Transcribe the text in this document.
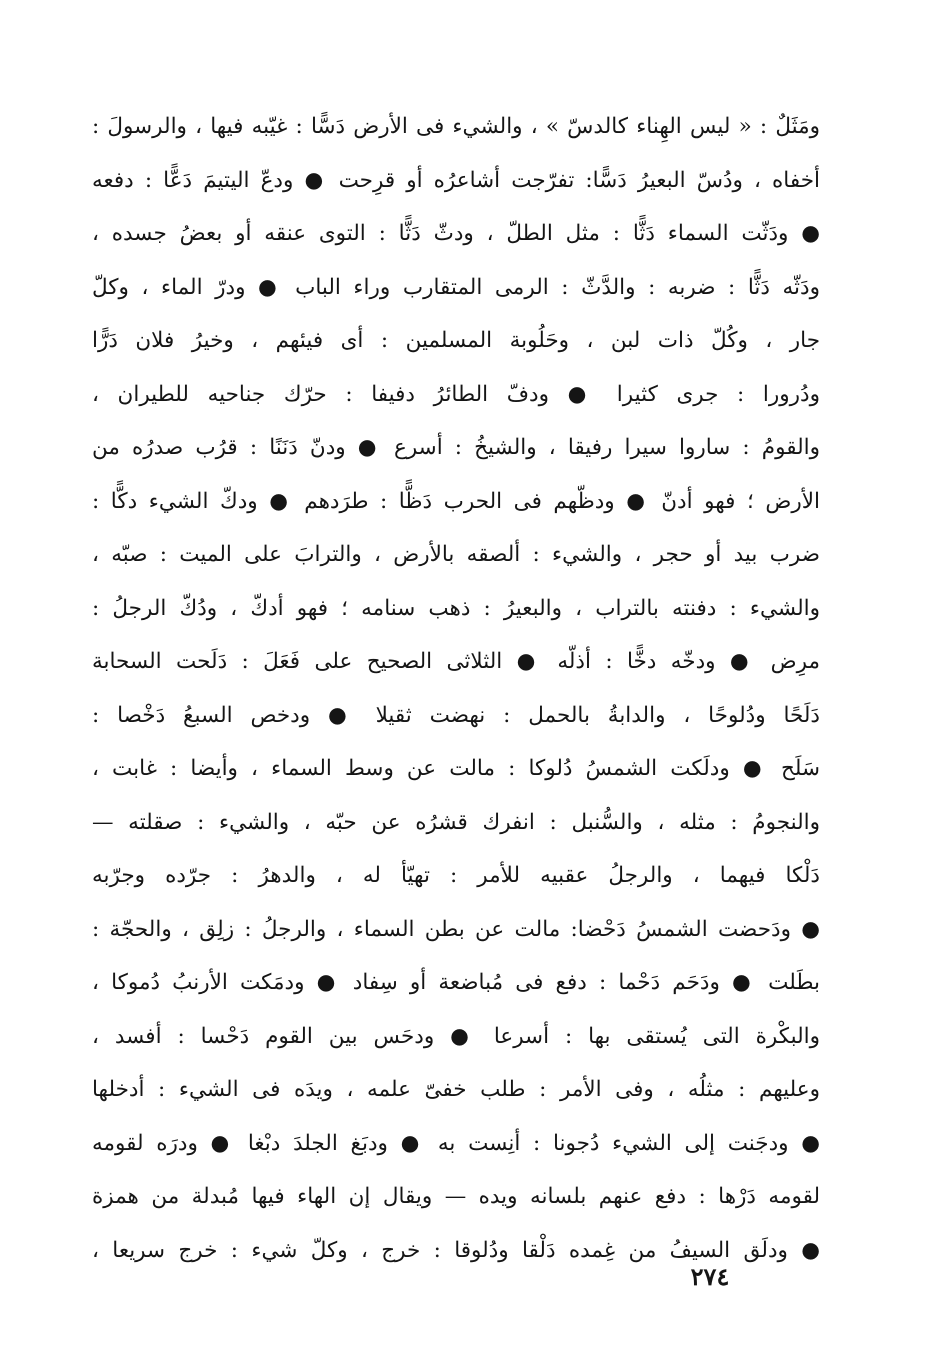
ومَثَلٌ : « ليس الهِناء كالدسّ » ، والشيء فى الأرض دَسًّا : غيّبه فيها ، والرسولَ :
أخفاه ، ودُسّ البعيرُ دَسًّا: تفرّجت أشاعرُه أو قرِحت ● ودعّ اليتيمَ دَعًّا : دفعه
● ودَثّت السماء دَثًّا : مثل الطلّ ، ودثّ دَثًّا : التوى عنقه أو بعضُ جسده ،
ودَثّه دَثًّا : ضربه : والدَّثّ : الرمى المتقارب وراء الباب ● ودرّ الماء ، وكلّ
جار ، وكُلّ ذات لبن ، وحَلُوبة المسلمين : أى فيئهم ، وخيرُ فلان دَرًّا
ودُرورا : جرى كثيرا ● ودفّ الطائرُ دفيفا : حرّك جناحيه للطيران ،
والقومُ : ساروا سيرا رفيقا ، والشيخُ : أسرع ● ودنّ دَنَنًا : قرُب صدرُه من
الأرض ؛ فهو أدنّ ● ودظّهم فى الحرب دَظًّا : طرَدهم ● ودكّ الشيء دكًّا :
ضرب بيد أو حجر ، والشيء : ألصقه بالأرض ، والترابَ على الميت : صبّه ،
والشيء : دفنته بالتراب ، والبعيرُ : ذهب سنامه ؛ فهو أدكّ ، ودُكّ الرجلُ :
مرِض ● ودخّه دخًّا : أذلّه ● الثلاثى الصحيح على فَعَلَ : دَلَحت السحابة
دَلَحًا ودُلوحًا ، والدابةُ بالحمل : نهضت ثقيلا ● ودخص السبعُ دَخْصا :
سَلَح ● ودلَكت الشمسُ دُلوكا : مالت عن وسط السماء ، وأيضا : غابت ،
والنجومُ : مثله ، والسُّنبل : انفرك قشرُه عن حبّه ، والشيء : صقلته —
دَلْكا فيهما ، والرجلُ عقبيه للأمر : تهيّأ له ، والدهرُ : جرّده وجرّبه
● ودَحضت الشمسُ دَحْضا: مالت عن بطن السماء ، والرجلُ : زلِق ، والحجّة :
بطَلت ● ودَحَم دَحْما : دفع فى مُباضعة أو سِفاد ● ودمَكت الأرنبُ دُموكا ،
والبكْرة التى يُستقى بها : أسرعا ● ودحَس بين القوم دَحْسا : أفسد ،
وعليهم : مثلُه ، وفى الأمر : طلب خفىّ علمه ، ويدَه فى الشيء : أدخلها
● ودجَنت إلى الشيء دُجونا : أنِست به ● ودبَغ الجلدَ دبْغا ● ودرَه لقومه
لقومه دَرْها : دفع عنهم بلسانه ويده — ويقال إن الهاء فيها مُبدلة من همزة
● ودلَق السيفُ من غِمده دَلْقا ودُلوقا : خرج ، وكلّ شيء : خرج سريعا ،
٢٧٤
